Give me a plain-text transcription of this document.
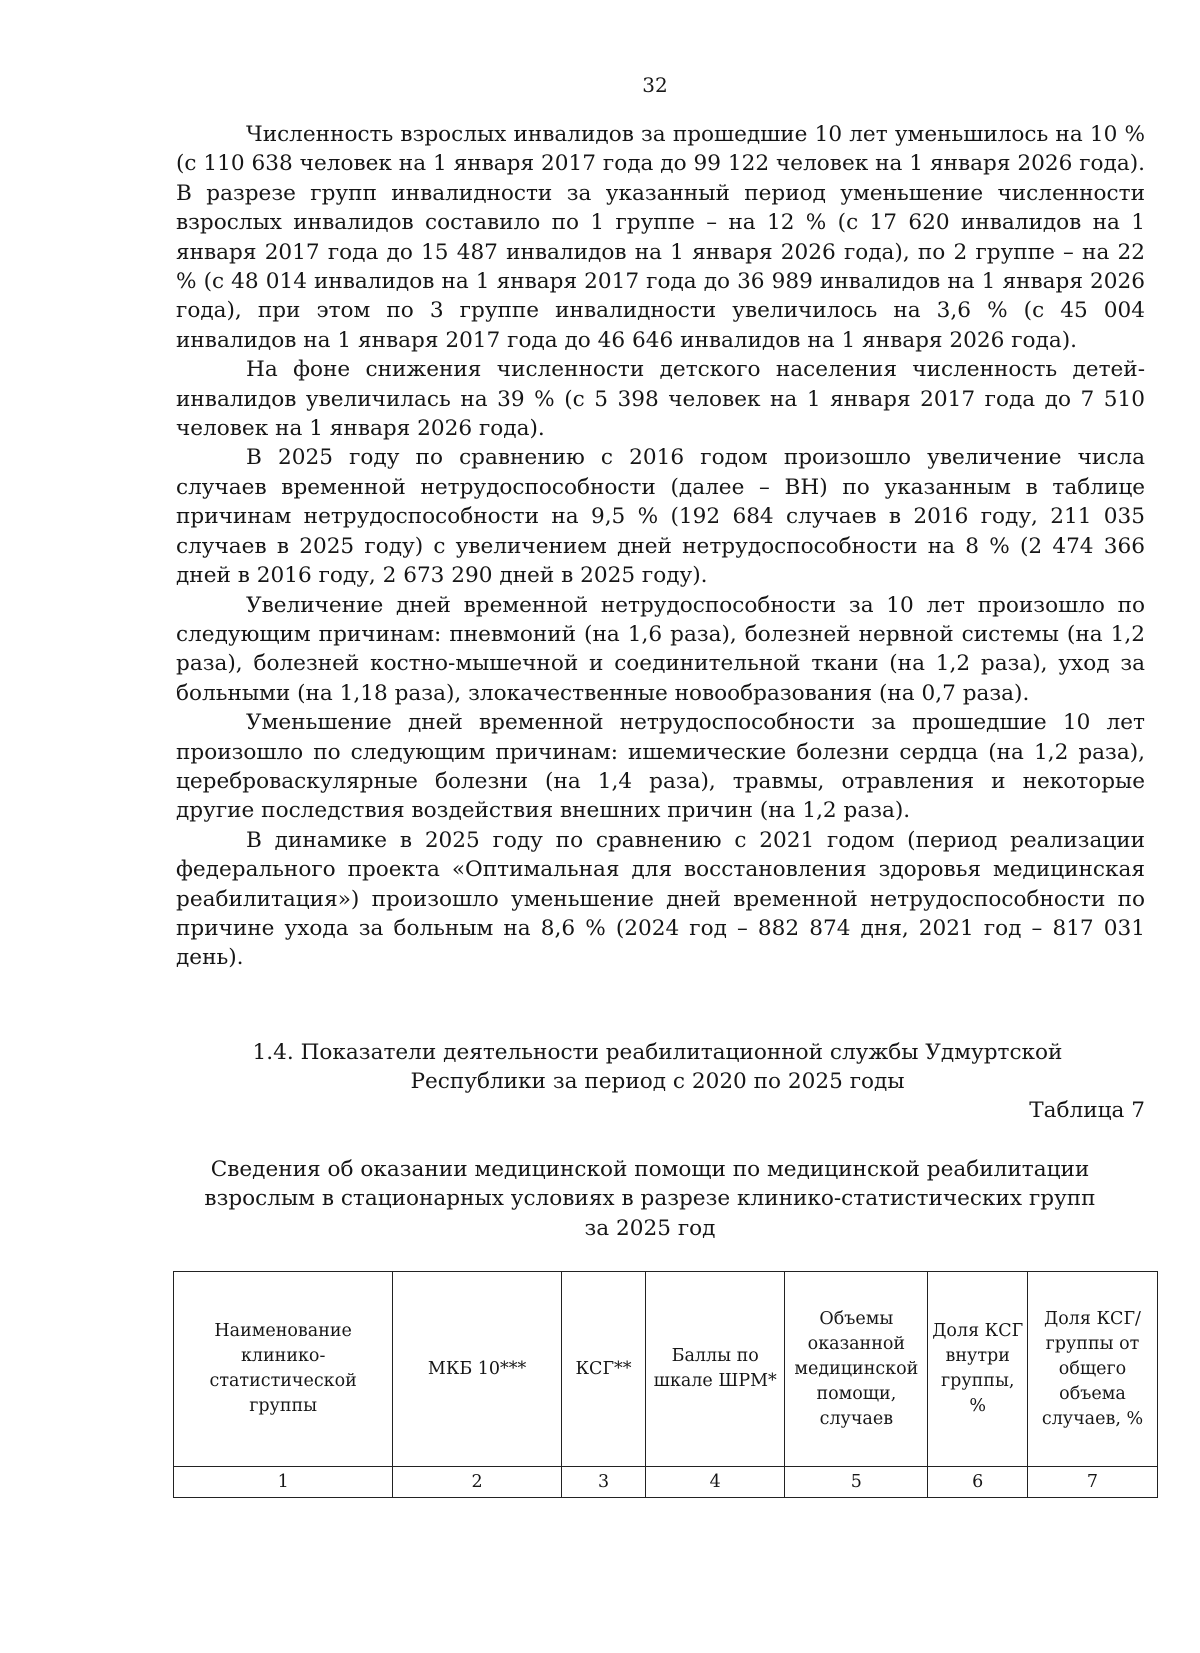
32

Численность взрослых инвалидов за прошедшие 10 лет уменьшилось на 10 % (с 110 638 человек на 1 января 2017 года до 99 122 человек на 1 января 2026 года). В разрезе групп инвалидности за указанный период уменьшение численности взрослых инвалидов составило по 1 группе – на 12 % (с 17 620 инвалидов на 1 января 2017 года до 15 487 инвалидов на 1 января 2026 года), по 2 группе – на 22 % (с 48 014 инвалидов на 1 января 2017 года до 36 989 инвалидов на 1 января 2026 года), при этом по 3 группе инвалидности увеличилось на 3,6 % (с 45 004 инвалидов на 1 января 2017 года до 46 646 инвалидов на 1 января 2026 года).

На фоне снижения численности детского населения численность детей-инвалидов увеличилась на 39 % (с 5 398 человек на 1 января 2017 года до 7 510 человек на 1 января 2026 года).

В 2025 году по сравнению с 2016 годом произошло увеличение числа случаев временной нетрудоспособности (далее – ВН) по указанным в таблице причинам нетрудоспособности на 9,5 % (192 684 случаев в 2016 году, 211 035 случаев в 2025 году) с увеличением дней нетрудоспособности на 8 % (2 474 366 дней в 2016 году, 2 673 290 дней в 2025 году).

Увеличение дней временной нетрудоспособности за 10 лет произошло по следующим причинам: пневмоний (на 1,6 раза), болезней нервной системы (на 1,2 раза), болезней костно-мышечной и соединительной ткани (на 1,2 раза), уход за больными (на 1,18 раза), злокачественные новообразования (на 0,7 раза).

Уменьшение дней временной нетрудоспособности за прошедшие 10 лет произошло по следующим причинам: ишемические болезни сердца (на 1,2 раза), цереброваскулярные болезни (на 1,4 раза), травмы, отравления и некоторые другие последствия воздействия внешних причин (на 1,2 раза).

В динамике в 2025 году по сравнению с 2021 годом (период реализации федерального проекта «Оптимальная для восстановления здоровья медицинская реабилитация») произошло уменьшение дней временной нетрудоспособности по причине ухода за больным на 8,6 % (2024 год – 882 874 дня, 2021 год – 817 031 день).

1.4. Показатели деятельности реабилитационной службы Удмуртской
Республики за период с 2020 по 2025 годы
Таблица 7
Сведения об оказании медицинской помощи по медицинской реабилитации
взрослым в стационарных условиях в разрезе клинико-статистических групп
за 2025 год
Наименование клинико-статистической группы	МКБ 10***	КСГ**	Баллы по шкале ШРМ*	Объемы оказанной медицинской помощи, случаев	Доля КСГ внутри группы, %	Доля КСГ/группы от общего объема случаев, %
1	2	3	4	5	6	7
